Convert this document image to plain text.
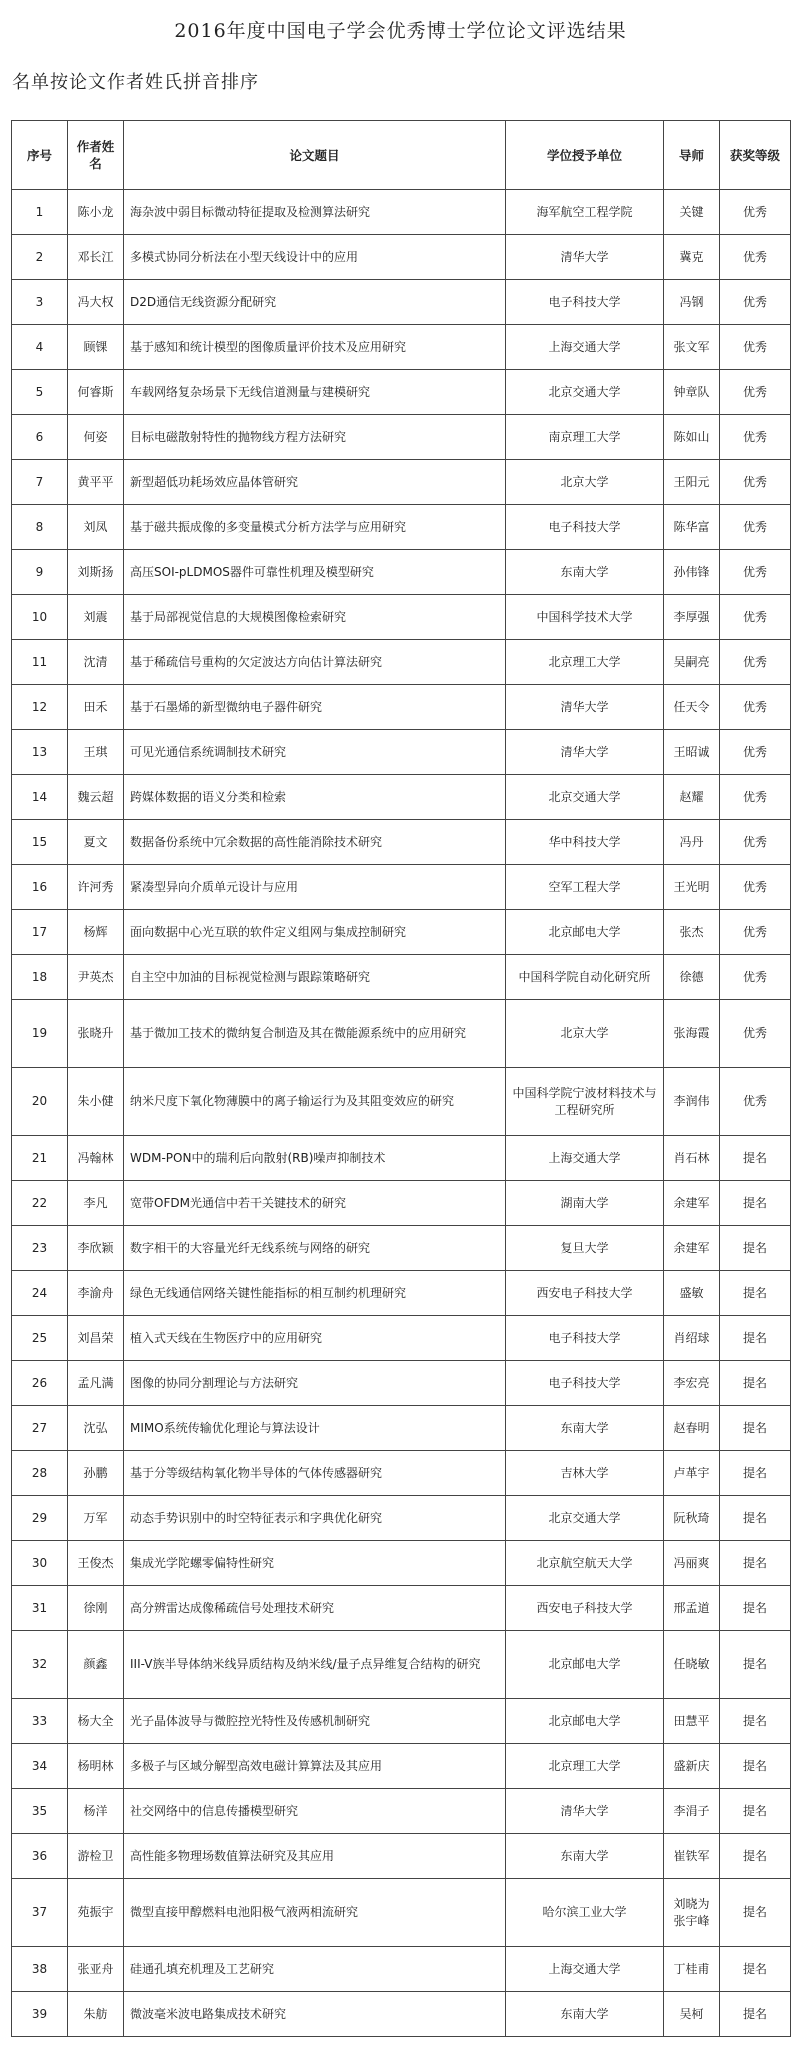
2016年度中国电子学会优秀博士学位论文评选结果
名单按论文作者姓氏拼音排序
序号	作者姓名	论文题目	学位授予单位	导师	获奖等级
1	陈小龙	海杂波中弱目标微动特征提取及检测算法研究	海军航空工程学院	关键	优秀
2	邓长江	多模式协同分析法在小型天线设计中的应用	清华大学	冀克	优秀
3	冯大权	D2D通信无线资源分配研究	电子科技大学	冯钢	优秀
4	顾锞	基于感知和统计模型的图像质量评价技术及应用研究	上海交通大学	张文军	优秀
5	何睿斯	车载网络复杂场景下无线信道测量与建模研究	北京交通大学	钟章队	优秀
6	何姿	目标电磁散射特性的抛物线方程方法研究	南京理工大学	陈如山	优秀
7	黄平平	新型超低功耗场效应晶体管研究	北京大学	王阳元	优秀
8	刘凤	基于磁共振成像的多变量模式分析方法学与应用研究	电子科技大学	陈华富	优秀
9	刘斯扬	高压SOI-pLDMOS器件可靠性机理及模型研究	东南大学	孙伟锋	优秀
10	刘震	基于局部视觉信息的大规模图像检索研究	中国科学技术大学	李厚强	优秀
11	沈清	基于稀疏信号重构的欠定波达方向估计算法研究	北京理工大学	吴嗣亮	优秀
12	田禾	基于石墨烯的新型微纳电子器件研究	清华大学	任天令	优秀
13	王琪	可见光通信系统调制技术研究	清华大学	王昭诚	优秀
14	魏云超	跨媒体数据的语义分类和检索	北京交通大学	赵耀	优秀
15	夏文	数据备份系统中冗余数据的高性能消除技术研究	华中科技大学	冯丹	优秀
16	许河秀	紧凑型异向介质单元设计与应用	空军工程大学	王光明	优秀
17	杨辉	面向数据中心光互联的软件定义组网与集成控制研究	北京邮电大学	张杰	优秀
18	尹英杰	自主空中加油的目标视觉检测与跟踪策略研究	中国科学院自动化研究所	徐德	优秀
19	张晓升	基于微加工技术的微纳复合制造及其在微能源系统中的应用研究	北京大学	张海霞	优秀
20	朱小健	纳米尺度下氧化物薄膜中的离子输运行为及其阻变效应的研究	中国科学院宁波材料技术与工程研究所	李润伟	优秀
21	冯翰林	WDM-PON中的瑞利后向散射(RB)噪声抑制技术	上海交通大学	肖石林	提名
22	李凡	宽带OFDM光通信中若干关键技术的研究	湖南大学	余建军	提名
23	李欣颖	数字相干的大容量光纤无线系统与网络的研究	复旦大学	余建军	提名
24	李渝舟	绿色无线通信网络关键性能指标的相互制约机理研究	西安电子科技大学	盛敏	提名
25	刘昌荣	植入式天线在生物医疗中的应用研究	电子科技大学	肖绍球	提名
26	孟凡满	图像的协同分割理论与方法研究	电子科技大学	李宏亮	提名
27	沈弘	MIMO系统传输优化理论与算法设计	东南大学	赵春明	提名
28	孙鹏	基于分等级结构氧化物半导体的气体传感器研究	吉林大学	卢革宇	提名
29	万军	动态手势识别中的时空特征表示和字典优化研究	北京交通大学	阮秋琦	提名
30	王俊杰	集成光学陀螺零偏特性研究	北京航空航天大学	冯丽爽	提名
31	徐刚	高分辨雷达成像稀疏信号处理技术研究	西安电子科技大学	邢孟道	提名
32	颜鑫	III-V族半导体纳米线异质结构及纳米线/量子点异维复合结构的研究	北京邮电大学	任晓敏	提名
33	杨大全	光子晶体波导与微腔控光特性及传感机制研究	北京邮电大学	田慧平	提名
34	杨明林	多极子与区域分解型高效电磁计算算法及其应用	北京理工大学	盛新庆	提名
35	杨洋	社交网络中的信息传播模型研究	清华大学	李涓子	提名
36	游检卫	高性能多物理场数值算法研究及其应用	东南大学	崔铁军	提名
37	苑振宇	微型直接甲醇燃料电池阳极气液两相流研究	哈尔滨工业大学	刘晓为 张宇峰	提名
38	张亚舟	硅通孔填充机理及工艺研究	上海交通大学	丁桂甫	提名
39	朱舫	微波毫米波电路集成技术研究	东南大学	吴柯	提名
